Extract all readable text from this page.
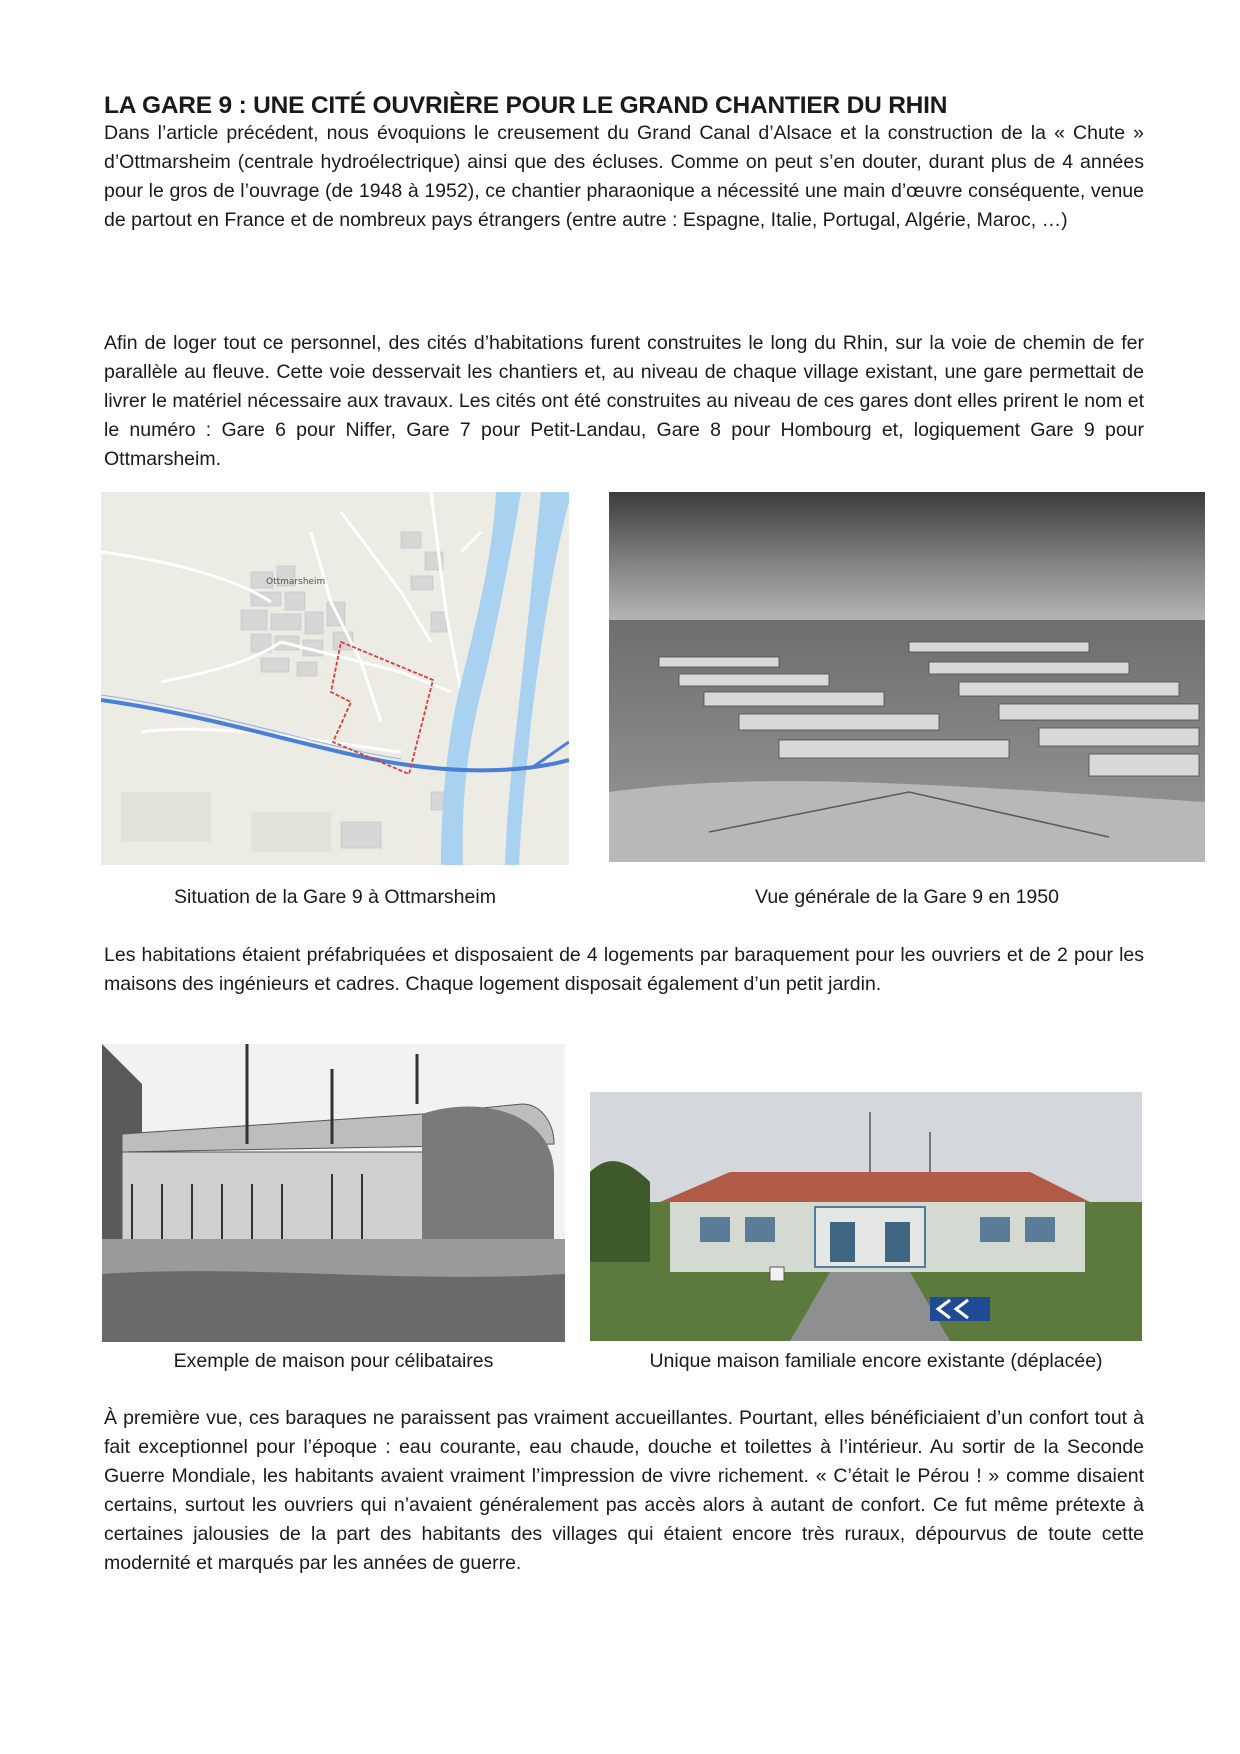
LA GARE 9 : UNE CITÉ OUVRIÈRE POUR LE GRAND CHANTIER DU RHIN

Dans l’article précédent, nous évoquions le creusement du Grand Canal d’Alsace et la construction de la « Chute » d’Ottmarsheim (centrale hydroélectrique) ainsi que des écluses. Comme on peut s’en douter, durant plus de 4 années pour le gros de l’ouvrage (de 1948 à 1952), ce chantier pharaonique a nécessité une main d’œuvre conséquente, venue de partout en France et de nombreux pays étrangers (entre autre : Espagne, Italie, Portugal, Algérie, Maroc, …)

Afin de loger tout ce personnel, des cités d’habitations furent construites le long du Rhin, sur la voie de chemin de fer parallèle au fleuve. Cette voie desservait les chantiers et, au niveau de chaque village existant, une gare permettait de livrer le matériel nécessaire aux travaux. Les cités ont été construites au niveau de ces gares dont elles prirent le nom et le numéro : Gare 6 pour Niffer, Gare 7 pour Petit-Landau, Gare 8 pour Hombourg et, logiquement Gare 9 pour Ottmarsheim.

Ottmarsheim
Situation de la Gare 9 à Ottmarsheim	Vue générale de la Gare 9 en 1950

Les habitations étaient préfabriquées et disposaient de 4 logements par baraquement pour les ouvriers et de 2 pour les maisons des ingénieurs et cadres. Chaque logement disposait également d’un petit jardin.

Exemple de maison pour célibataires	Unique maison familiale encore existante (déplacée)

À première vue, ces baraques ne paraissent pas vraiment accueillantes. Pourtant, elles bénéficiaient d’un confort tout à fait exceptionnel pour l’époque : eau courante, eau chaude, douche et toilettes à l’intérieur. Au sortir de la Seconde Guerre Mondiale, les habitants avaient vraiment l’impression de vivre richement. « C’était le Pérou ! » comme disaient certains, surtout les ouvriers qui n’avaient généralement pas accès alors à autant de confort. Ce fut même prétexte à certaines jalousies de la part des habitants des villages qui étaient encore très ruraux, dépourvus de toute cette modernité et marqués par les années de guerre.
